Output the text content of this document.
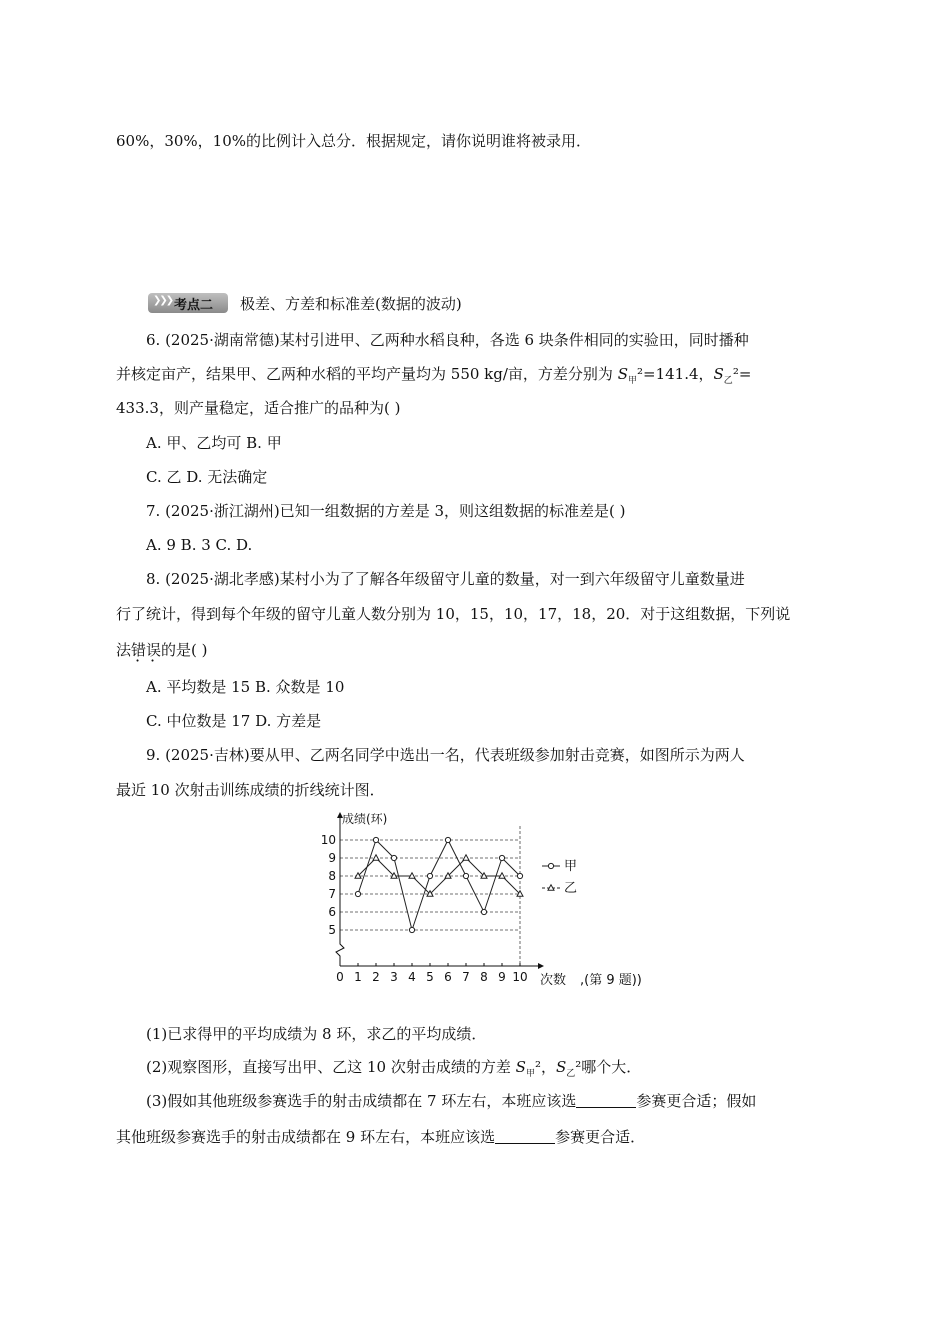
60%，30%，10%的比例计入总分．根据规定，请你说明谁将被录用．
❯❯❯ 考点二 极差、方差和标准差(数据的波动)
6. (2025·湖南常德)某村引进甲、乙两种水稻良种，各选 6 块条件相同的实验田，同时播种
并核定亩产，结果甲、乙两种水稻的平均产量均为 550 kg/亩，方差分别为 $S_甲^2=141.4$，$S_乙^2=$
433.3，则产量稳定，适合推广的品种为( )
A. 甲、乙均可 B. 甲
C. 乙 D. 无法确定
7. (2025·浙江湖州)已知一组数据的方差是 3，则这组数据的标准差是( )
A. 9 B. 3 C. D.
8. (2025·湖北孝感)某村小为了了解各年级留守儿童的数量，对一到六年级留守儿童数量进
行了统计，得到每个年级的留守儿童人数分别为 10，15，10，17，18，20．对于这组数据，下列说
法错误的是( )
A. 平均数是 15 B. 众数是 10
C. 中位数是 17 D. 方差是
9. (2025·吉林)要从甲、乙两名同学中选出一名，代表班级参加射击竞赛，如图所示为两人
最近 10 次射击训练成绩的折线统计图．
成绩(环)
5
6
7
8
9
10
0 1 2 3 4 5 6 7 8 9 10
甲
乙
次数 ,(第 9 题))
(1)已求得甲的平均成绩为 8 环，求乙的平均成绩．
(2)观察图形，直接写出甲、乙这 10 次射击成绩的方差 $S_甲^2$，$S_乙^2$哪个大．
(3)假如其他班级参赛选手的射击成绩都在 7 环左右，本班应该选	参赛更合适；假如
其他班级参赛选手的射击成绩都在 9 环左右，本班应该选	参赛更合适．
